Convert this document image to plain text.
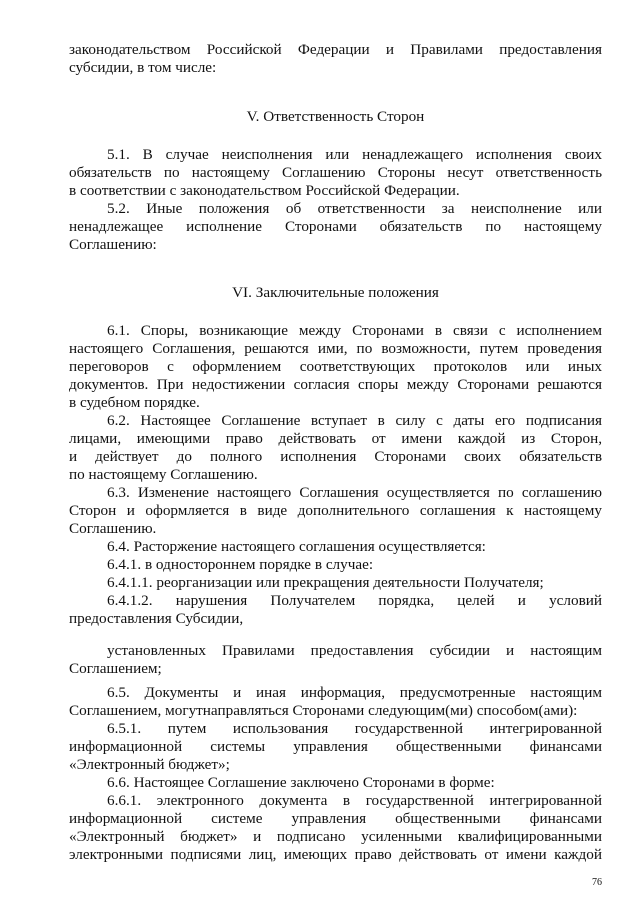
законодательством Российской Федерации и Правилами предоставления
субсидии, в том числе:
V. Ответственность Сторон
5.1. В случае неисполнения или ненадлежащего исполнения своих
обязательств по настоящему Соглашению Стороны несут ответственность
в соответствии с законодательством Российской Федерации.
5.2. Иные положения об ответственности за неисполнение или
ненадлежащее исполнение Сторонами обязательств по настоящему
Соглашению:
VI. Заключительные положения
6.1. Споры, возникающие между Сторонами в связи с исполнением
настоящего Соглашения, решаются ими, по возможности, путем проведения
переговоров с оформлением соответствующих протоколов или иных
документов. При недостижении согласия споры между Сторонами решаются
в судебном порядке.
6.2. Настоящее Соглашение вступает в силу с даты его подписания
лицами, имеющими право действовать от имени каждой из Сторон,
и действует до полного исполнения Сторонами своих обязательств
по настоящему Соглашению.
6.3. Изменение настоящего Соглашения осуществляется по соглашению
Сторон и оформляется в виде дополнительного соглашения к настоящему
Соглашению.
6.4. Расторжение настоящего соглашения осуществляется:
6.4.1. в одностороннем порядке в случае:
6.4.1.1. реорганизации или прекращения деятельности Получателя;
6.4.1.2. нарушения Получателем порядка, целей и условий
предоставления Субсидии,
установленных Правилами предоставления субсидии и настоящим
Соглашением;
6.5. Документы и иная информация, предусмотренные настоящим
Соглашением, могутнаправляться Сторонами следующим(ми) способом(ами):
6.5.1. путем использования государственной интегрированной
информационной системы управления общественными финансами
«Электронный бюджет»;
6.6. Настоящее Соглашение заключено Сторонами в форме:
6.6.1. электронного документа в государственной интегрированной
информационной системе управления общественными финансами
«Электронный бюджет» и подписано усиленными квалифицированными
электронными подписями лиц, имеющих право действовать от имени каждой
76
